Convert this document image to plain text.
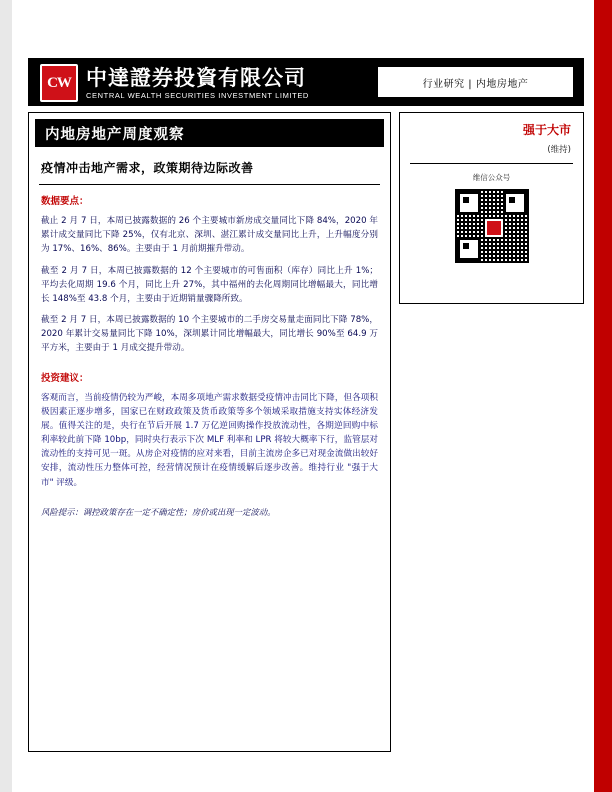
CW 中達證券投資有限公司
CENTRAL WEALTH SECURITIES INVESTMENT LIMITED
行业研究 | 内地房地产
内地房地产周度观察
疫情冲击地产需求，政策期待边际改善
数据要点：
截止 2 月 7 日，本周已披露数据的 26 个主要城市新房成交量同比下降 84%，2020 年累计成交量同比下降 25%，仅有北京、深圳、湛江累计成交量同比上升，上升幅度分别为 17%、16%、86%。主要由于 1 月前期摧升带动。
截至 2 月 7 日，本周已披露数据的 12 个主要城市的可售面积（库存）同比上升 1%；平均去化周期 19.6 个月，同比上升 27%，其中福州的去化周期同比增幅最大，同比增长 148%至 43.8 个月，主要由于近期销量骤降所致。
截至 2 月 7 日，本周已披露数据的 10 个主要城市的二手房交易量走面同比下降 78%，2020 年累计交易量同比下降 10%，深圳累计同比增幅最大，同比增长 90%至 64.9 万平方米，主要由于 1 月成交提升带动。
投资建议：
客观而言，当前疫情仍较为严峻，本周多项地产需求数据受疫情冲击同比下降，但各项积极因素正逐步增多，国家已在财政政策及货币政策等多个领域采取措施支持实体经济发展。值得关注的是，央行在节后开展 1.7 万亿逆回购操作投放流动性，各期逆回购中标利率较此前下降 10bp，同时央行表示下次 MLF 利率和 LPR 将较大概率下行，监管层对流动性的支持可见一斑。从房企对疫情的应对来看，目前主流房企多已对现金流做出较好安排，流动性压力整体可控，经营情况预计在疫情缓解后逐步改善。维持行业 "强于大市" 评级。
风险提示：调控政策存在一定不确定性；房价或出现一定波动。
强于大市
(维持)
维信公众号
